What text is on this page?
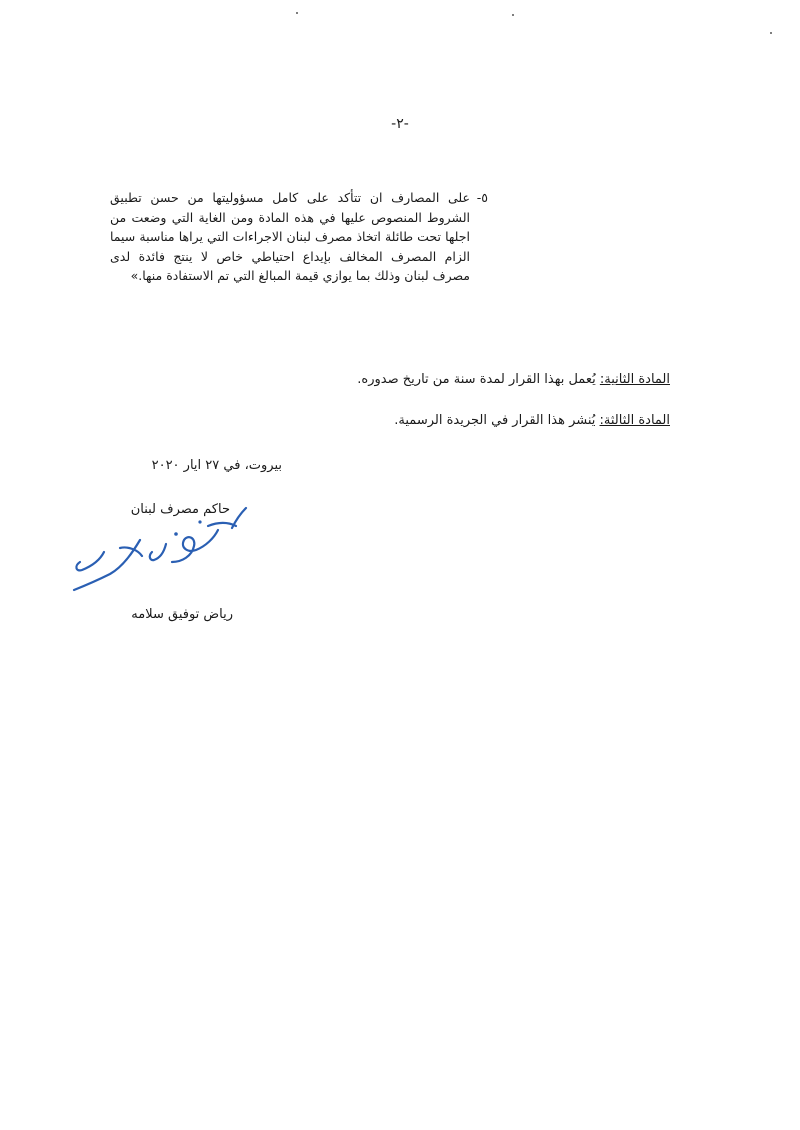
-٢-
٥-

على المصارف ان تتأكد على كامل مسؤوليتها من حسن تطبيق الشروط المنصوص عليها في هذه المادة ومن الغاية التي وضعت من اجلها تحت طائلة اتخاذ مصرف لبنان الاجراءات التي يراها مناسبة سيما الزام المصرف المخالف بإيداع احتياطي خاص لا ينتج فائدة لدى مصرف لبنان وذلك بما يوازي قيمة المبالغ التي تم الاستفادة منها.»

المادة الثانية: يُعمل بهذا القرار لمدة سنة من تاريخ صدوره.
المادة الثالثة: يُنشر هذا القرار في الجريدة الرسمية.
بيروت، في ٢٧ ايار ٢٠٢٠
حاكم مصرف لبنان
رياض توفيق سلامه
